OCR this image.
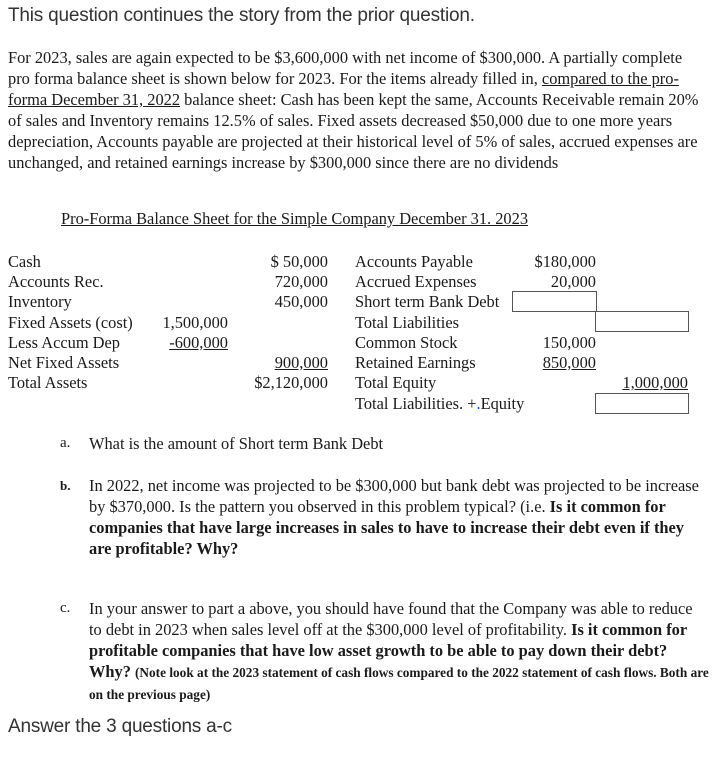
This question continues the story from the prior question.
For 2023, sales are again expected to be $3,600,000 with net income of $300,000. A partially complete pro forma balance sheet is shown below for 2023. For the items already filled in, compared to the pro-forma December 31, 2022 balance sheet: Cash has been kept the same, Accounts Receivable remain 20% of sales and Inventory remains 12.5% of sales. Fixed assets decreased $50,000 due to one more years depreciation, Accounts payable are projected at their historical level of 5% of sales, accrued expenses are unchanged, and retained earnings increase by $300,000 since there are no dividends
Pro-Forma Balance Sheet for the Simple Company December 31. 2023
Cash	$ 50,000
Accounts Rec.	720,000
Inventory	450,000
Fixed Assets (cost)	1,500,000
Less Accum Dep	-600,000
Net Fixed Assets	900,000
Total Assets	$2,120,000
Accounts Payable	$180,000
Accrued Expenses	20,000
Short term Bank Debt
Total Liabilities
Common Stock	150,000
Retained Earnings	850,000
Total Equity	1,000,000
Total Liabilities. +.Equity
a. What is the amount of Short term Bank Debt
b. In 2022, net income was projected to be $300,000 but bank debt was projected to be increase by $370,000. Is the pattern you observed in this problem typical? (i.e. Is it common for companies that have large increases in sales to have to increase their debt even if they are profitable? Why?
c. In your answer to part a above, you should have found that the Company was able to reduce to debt in 2023 when sales level off at the $300,000 level of profitability. Is it common for profitable companies that have low asset growth to be able to pay down their debt? Why? (Note look at the 2023 statement of cash flows compared to the 2022 statement of cash flows. Both are on the previous page)
Answer the 3 questions a-c
